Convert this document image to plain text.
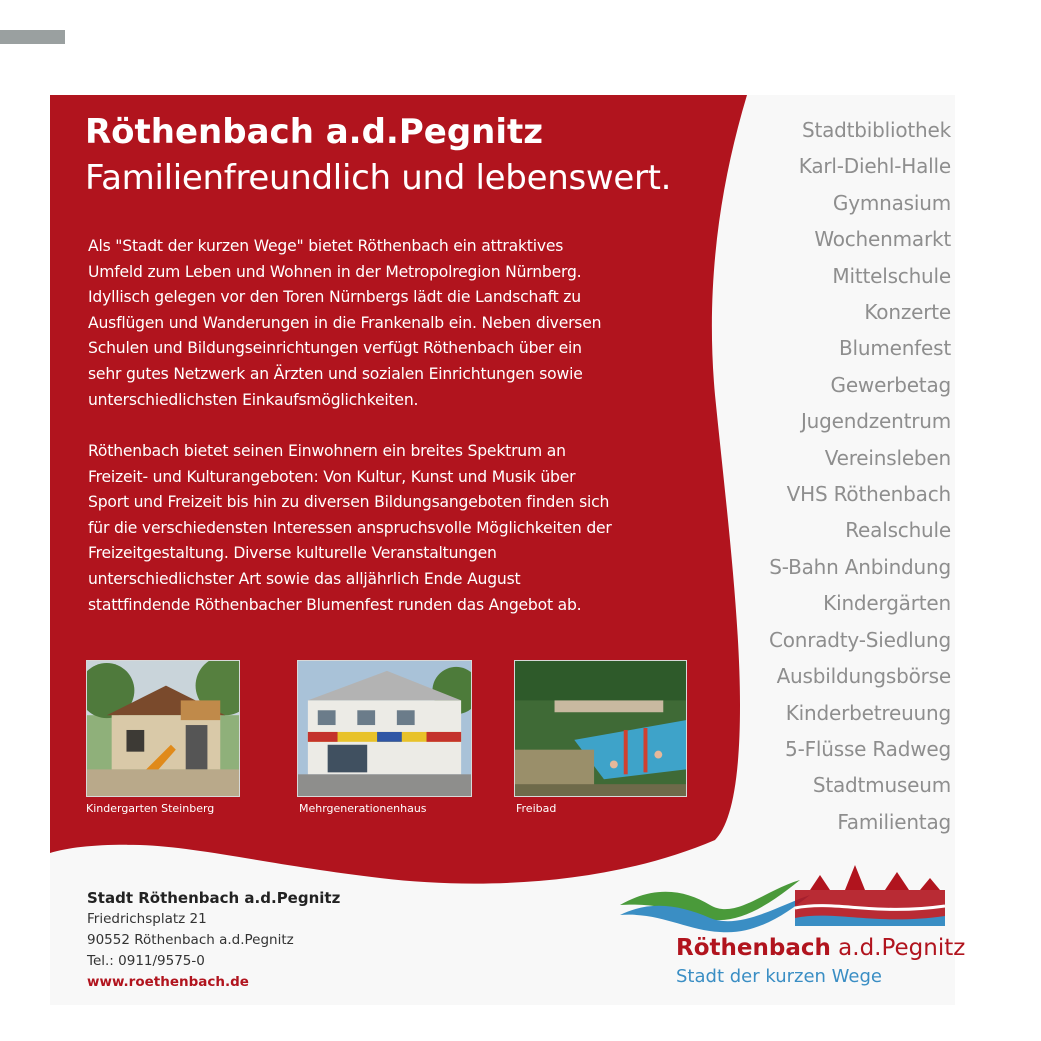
Röthenbach a.d.Pegnitz
Familienfreundlich und lebenswert.

Als "Stadt der kurzen Wege" bietet Röthenbach ein attraktives
Umfeld zum Leben und Wohnen in der Metropolregion Nürnberg.
Idyllisch gelegen vor den Toren Nürnbergs lädt die Landschaft zu
Ausflügen und Wanderungen in die Frankenalb ein. Neben diversen
Schulen und Bildungseinrichtungen verfügt Röthenbach über ein
sehr gutes Netzwerk an Ärzten und sozialen Einrichtungen sowie
unterschiedlichsten Einkaufsmöglichkeiten.

Röthenbach bietet seinen Einwohnern ein breites Spektrum an
Freizeit- und Kulturangeboten: Von Kultur, Kunst und Musik über
Sport und Freizeit bis hin zu diversen Bildungsangeboten finden sich
für die verschiedensten Interessen anspruchsvolle Möglichkeiten der
Freizeitgestaltung. Diverse kulturelle Veranstaltungen
unterschiedlichster Art sowie das alljährlich Ende August
stattfindende Röthenbacher Blumenfest runden das Angebot ab.

Kindergarten Steinberg	Mehrgenerationenhaus	Freibad
Stadtbibliothek
Karl-Diehl-Halle
Gymnasium
Wochenmarkt
Mittelschule
Konzerte
Blumenfest
Gewerbetag
Jugendzentrum
Vereinsleben
VHS Röthenbach
Realschule
S-Bahn Anbindung
Kindergärten
Conradty-Siedlung
Ausbildungsbörse
Kinderbetreuung
5-Flüsse Radweg
Stadtmuseum
Familientag
Stadt Röthenbach a.d.Pegnitz
Friedrichsplatz 21
90552 Röthenbach a.d.Pegnitz
Tel.: 0911/9575-0
www.roethenbach.de
Röthenbach a.d.Pegnitz
Stadt der kurzen Wege
